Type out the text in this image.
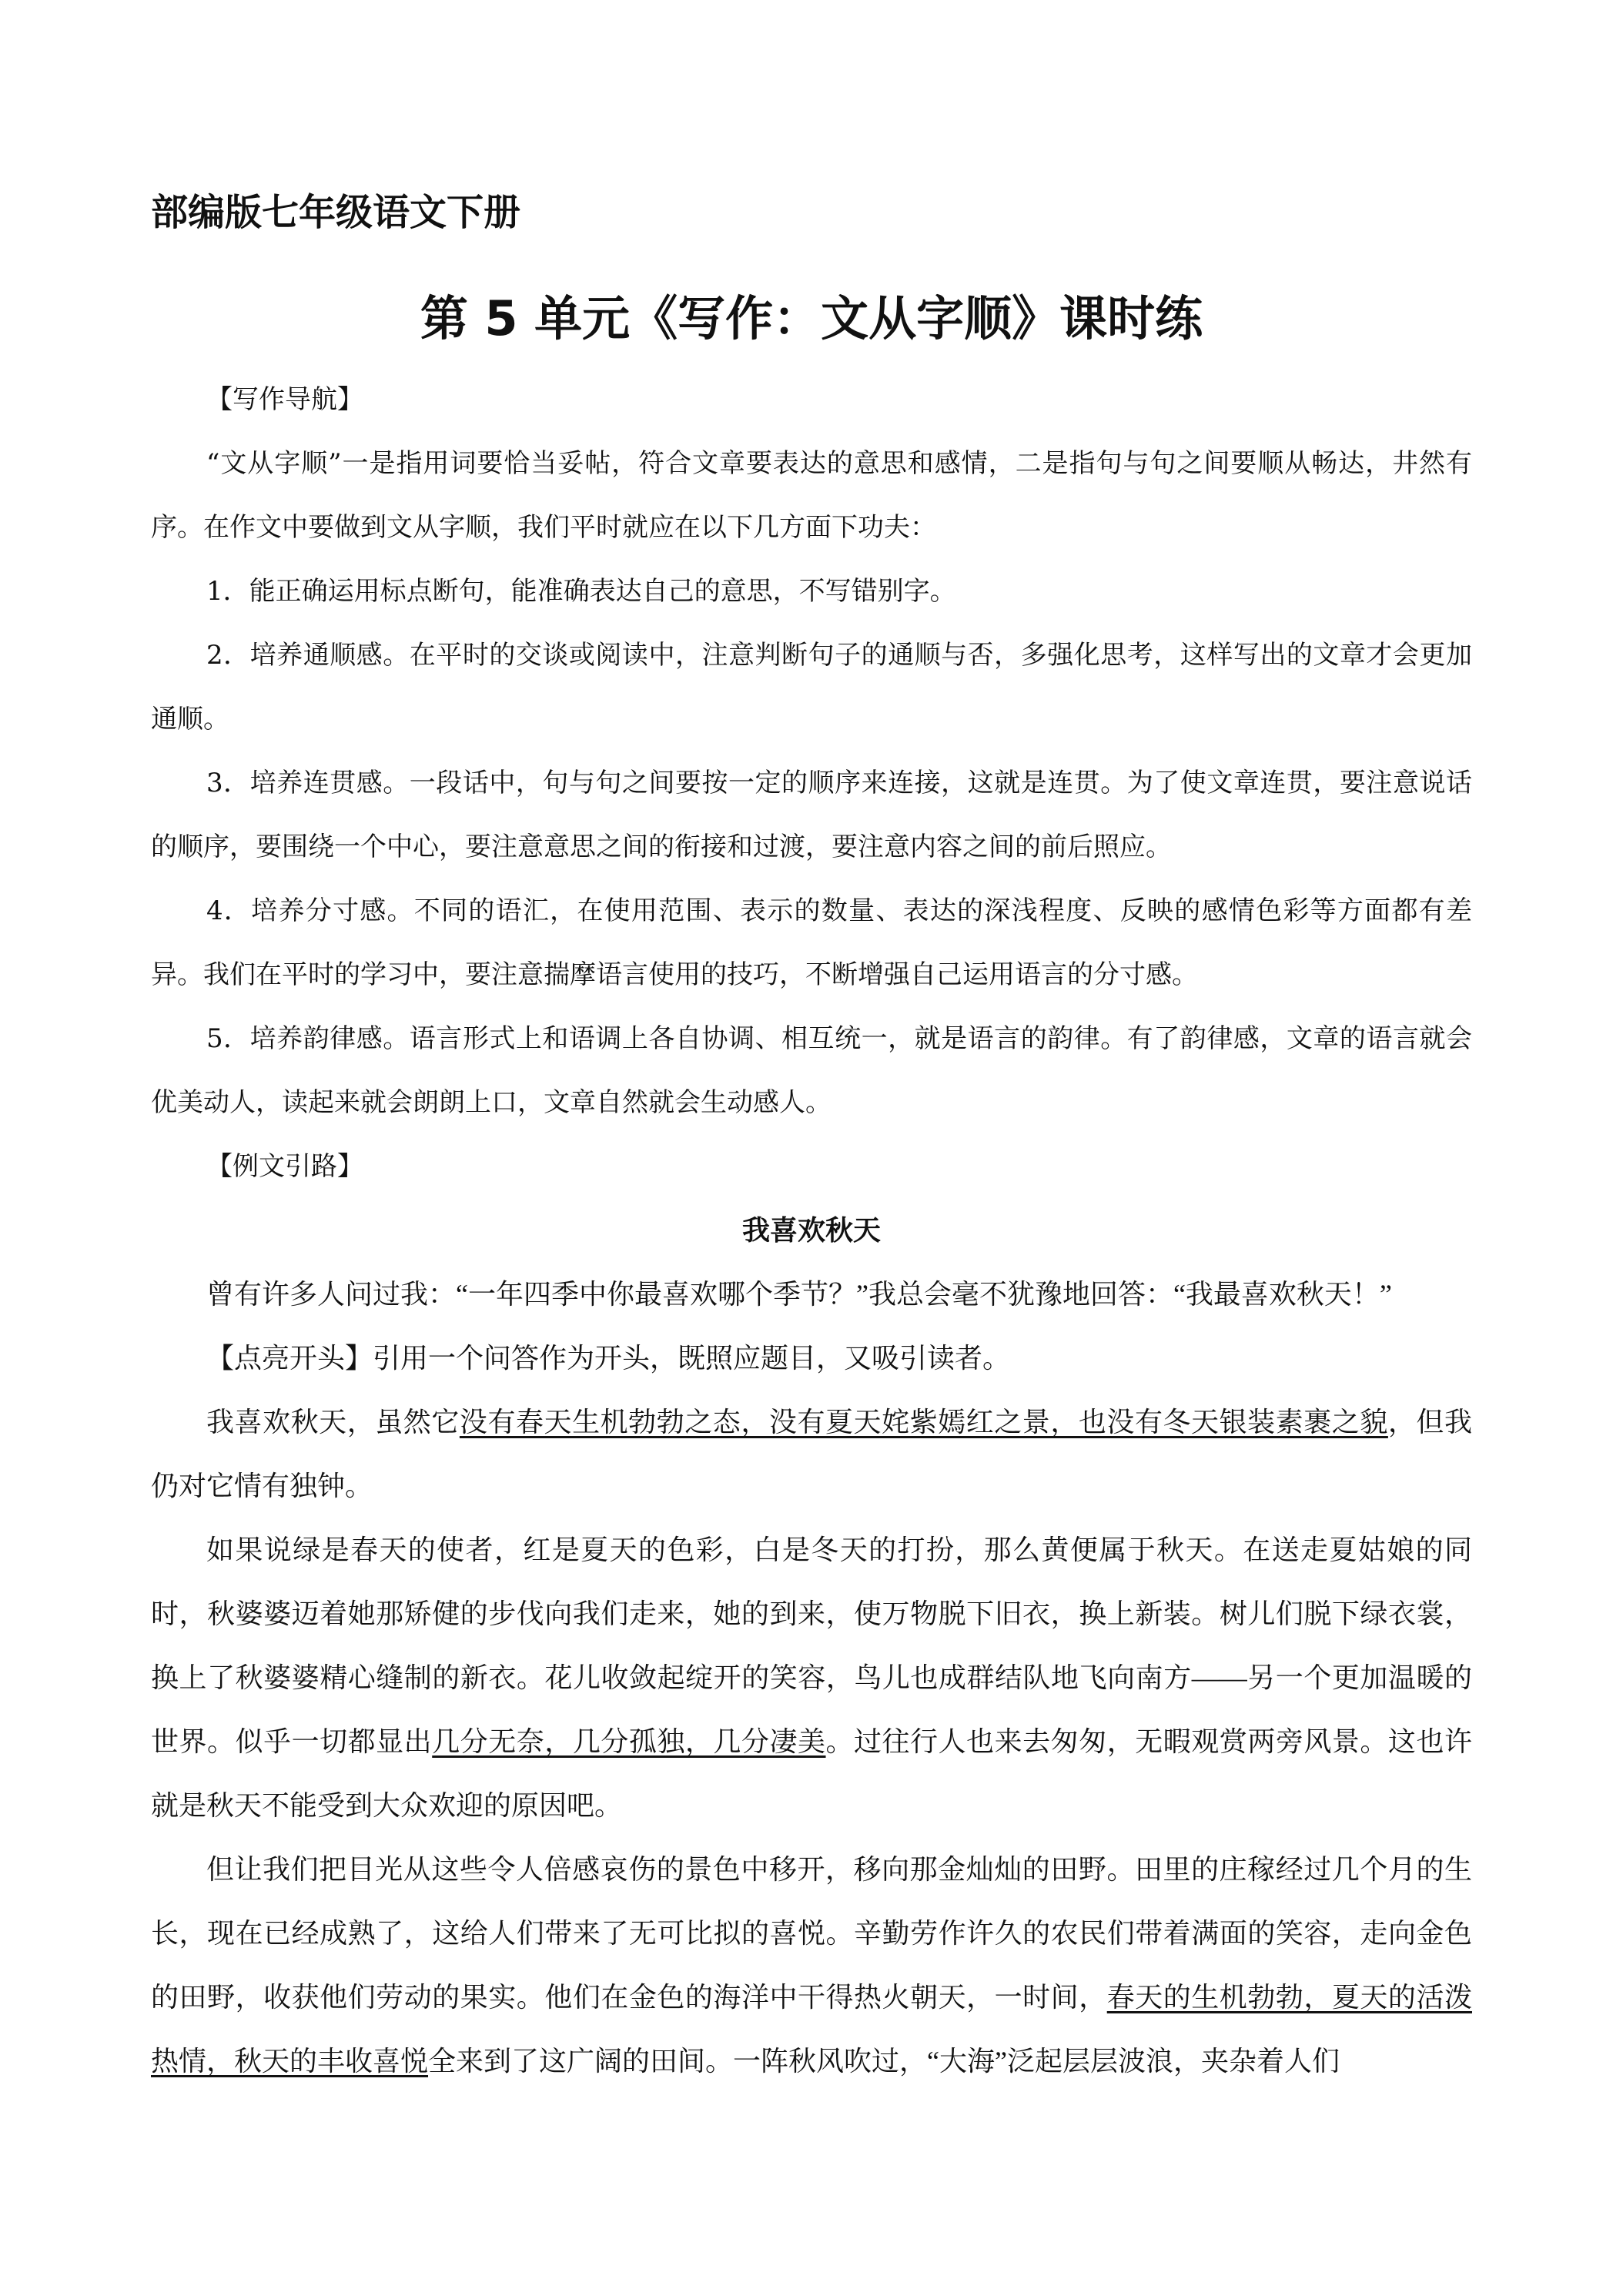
部编版七年级语文下册
第 5 单元《写作：文从字顺》课时练

【写作导航】

“文从字顺”一是指用词要恰当妥帖，符合文章要表达的意思和感情，二是指句与句之间要顺从畅达，井然有序。在作文中要做到文从字顺，我们平时就应在以下几方面下功夫：

1．能正确运用标点断句，能准确表达自己的意思，不写错别字。

2．培养通顺感。在平时的交谈或阅读中，注意判断句子的通顺与否，多强化思考，这样写出的文章才会更加通顺。

3．培养连贯感。一段话中，句与句之间要按一定的顺序来连接，这就是连贯。为了使文章连贯，要注意说话的顺序，要围绕一个中心，要注意意思之间的衔接和过渡，要注意内容之间的前后照应。

4．培养分寸感。不同的语汇，在使用范围、表示的数量、表达的深浅程度、反映的感情色彩等方面都有差异。我们在平时的学习中，要注意揣摩语言使用的技巧，不断增强自己运用语言的分寸感。

5．培养韵律感。语言形式上和语调上各自协调、相互统一，就是语言的韵律。有了韵律感，文章的语言就会优美动人，读起来就会朗朗上口，文章自然就会生动感人。

【例文引路】

我喜欢秋天

曾有许多人问过我：“一年四季中你最喜欢哪个季节？”我总会毫不犹豫地回答：“我最喜欢秋天！”

【点亮开头】引用一个问答作为开头，既照应题目，又吸引读者。

我喜欢秋天，虽然它没有春天生机勃勃之态，没有夏天姹紫嫣红之景，也没有冬天银装素裹之貌，但我仍对它情有独钟。

如果说绿是春天的使者，红是夏天的色彩，白是冬天的打扮，那么黄便属于秋天。在送走夏姑娘的同时，秋婆婆迈着她那矫健的步伐向我们走来，她的到来，使万物脱下旧衣，换上新装。树儿们脱下绿衣裳，换上了秋婆婆精心缝制的新衣。花儿收敛起绽开的笑容，鸟儿也成群结队地飞向南方——另一个更加温暖的世界。似乎一切都显出几分无奈，几分孤独，几分凄美。过往行人也来去匆匆，无暇观赏两旁风景。这也许就是秋天不能受到大众欢迎的原因吧。

但让我们把目光从这些令人倍感哀伤的景色中移开，移向那金灿灿的田野。田里的庄稼经过几个月的生长，现在已经成熟了，这给人们带来了无可比拟的喜悦。辛勤劳作许久的农民们带着满面的笑容，走向金色的田野，收获他们劳动的果实。他们在金色的海洋中干得热火朝天，一时间，春天的生机勃勃，夏天的活泼热情，秋天的丰收喜悦全来到了这广阔的田间。一阵秋风吹过，“大海”泛起层层波浪，夹杂着人们
